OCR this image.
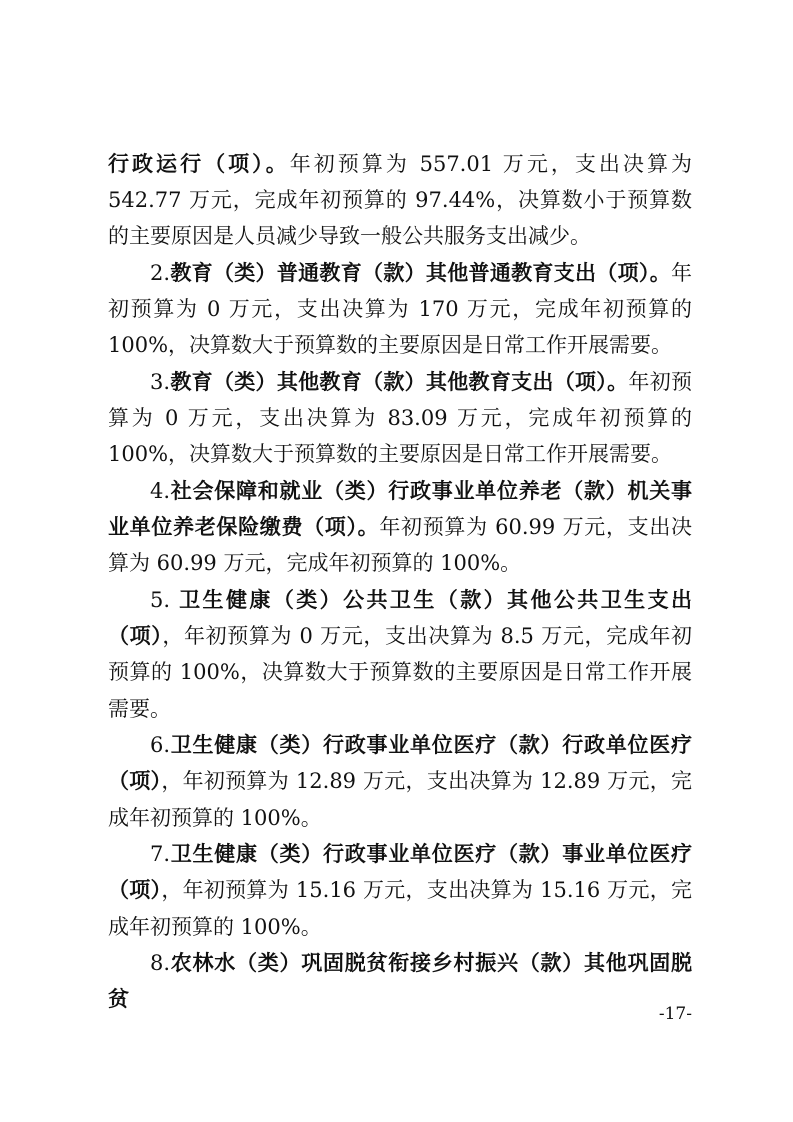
行政运行（项）。年初预算为 557.01 万元，支出决算为 542.77 万元，完成年初预算的 97.44%，决算数小于预算数的主要原因是人员减少导致一般公共服务支出减少。

2.教育（类）普通教育（款）其他普通教育支出（项）。年初预算为 0 万元，支出决算为 170 万元，完成年初预算的 100%，决算数大于预算数的主要原因是日常工作开展需要。

3.教育（类）其他教育（款）其他教育支出（项）。年初预算为 0 万元，支出决算为 83.09 万元，完成年初预算的 100%，决算数大于预算数的主要原因是日常工作开展需要。

4.社会保障和就业（类）行政事业单位养老（款）机关事业单位养老保险缴费（项）。年初预算为 60.99 万元，支出决算为 60.99 万元，完成年初预算的 100%。

5. 卫生健康（类）公共卫生（款）其他公共卫生支出（项），年初预算为 0 万元，支出决算为 8.5 万元，完成年初预算的 100%，决算数大于预算数的主要原因是日常工作开展需要。

6.卫生健康（类）行政事业单位医疗（款）行政单位医疗（项），年初预算为 12.89 万元，支出决算为 12.89 万元，完成年初预算的 100%。

7.卫生健康（类）行政事业单位医疗（款）事业单位医疗（项），年初预算为 15.16 万元，支出决算为 15.16 万元，完成年初预算的 100%。

8.农林水（类）巩固脱贫衔接乡村振兴（款）其他巩固脱贫

-17-
